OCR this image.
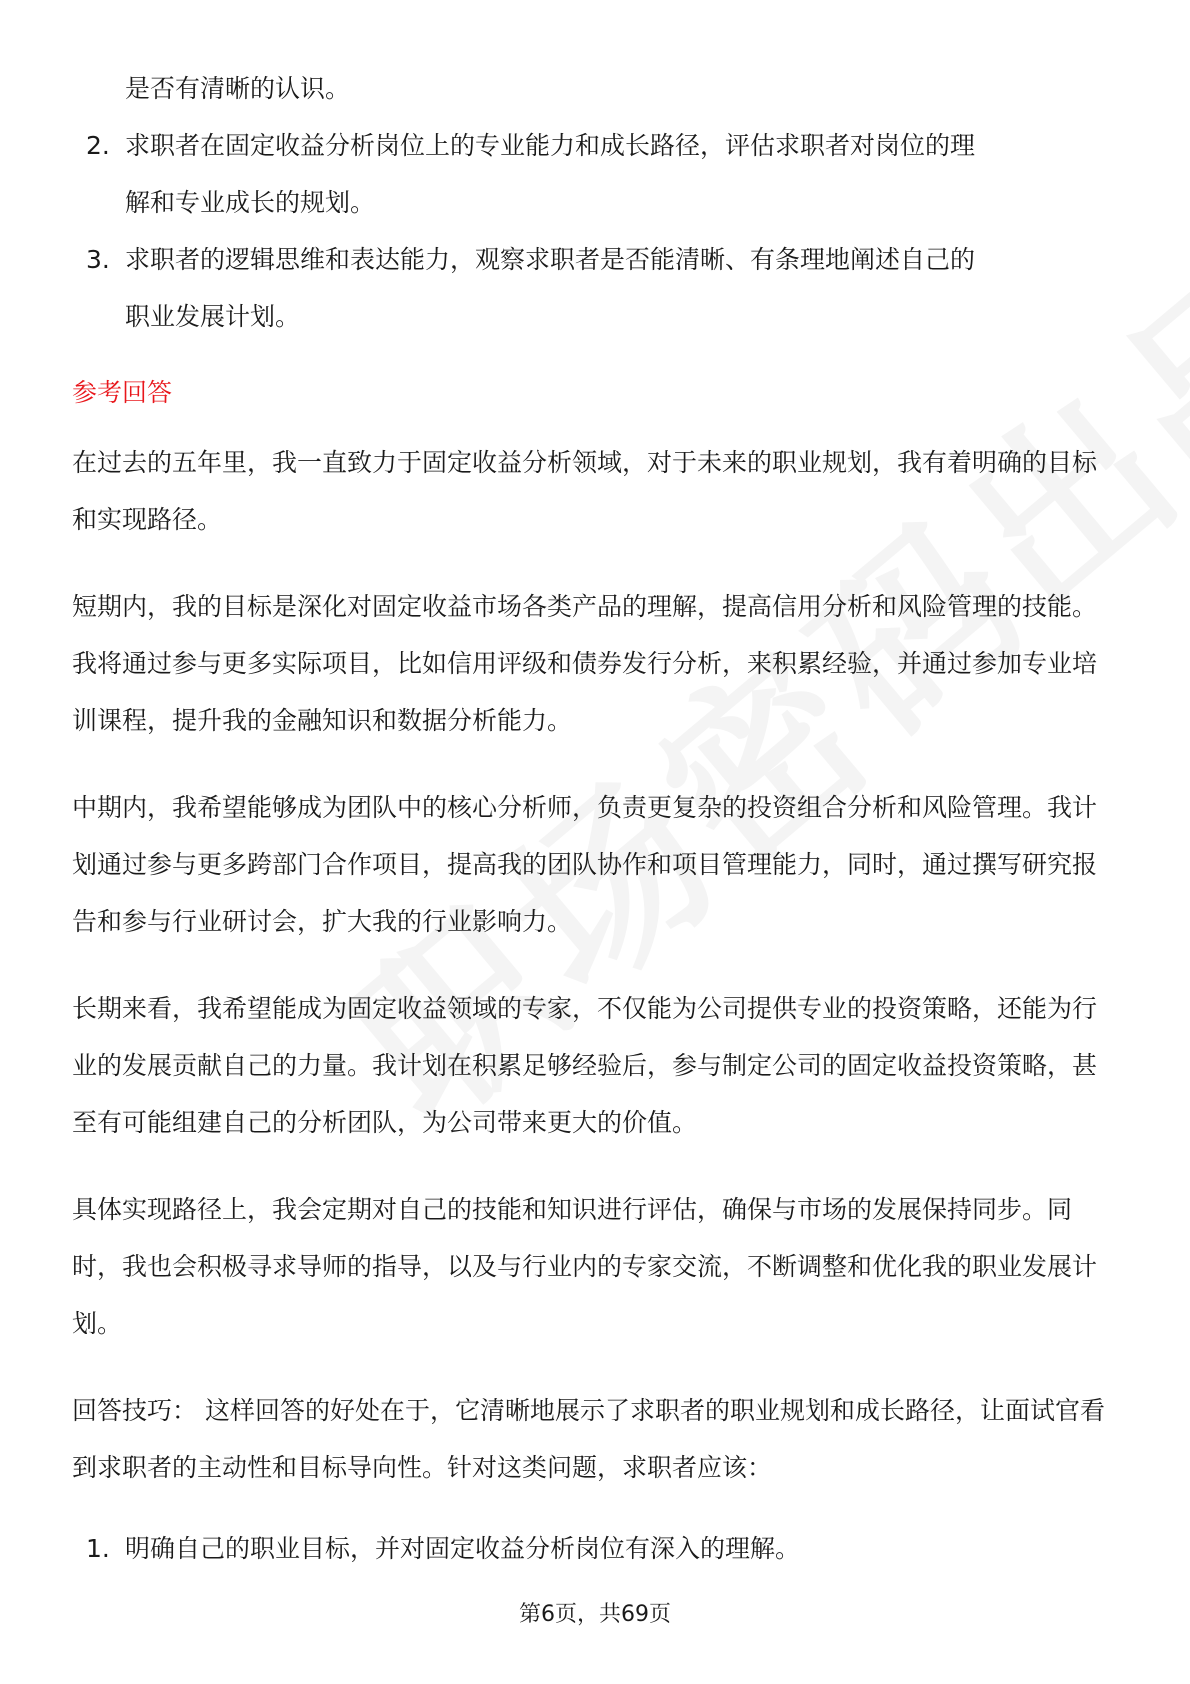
是否有清晰的认识。
2. 求职者在固定收益分析岗位上的专业能力和成长路径，评估求职者对岗位的理
解和专业成长的规划。
3. 求职者的逻辑思维和表达能力，观察求职者是否能清晰、有条理地阐述自己的
职业发展计划。
参考回答

在过去的五年里，我一直致力于固定收益分析领域，对于未来的职业规划，我有着明确的目标和实现路径。

短期内，我的目标是深化对固定收益市场各类产品的理解，提高信用分析和风险管理的技能。我将通过参与更多实际项目，比如信用评级和债券发行分析，来积累经验，并通过参加专业培训课程，提升我的金融知识和数据分析能力。

中期内，我希望能够成为团队中的核心分析师，负责更复杂的投资组合分析和风险管理。我计划通过参与更多跨部门合作项目，提高我的团队协作和项目管理能力，同时，通过撰写研究报告和参与行业研讨会，扩大我的行业影响力。

长期来看，我希望能成为固定收益领域的专家，不仅能为公司提供专业的投资策略，还能为行业的发展贡献自己的力量。我计划在积累足够经验后，参与制定公司的固定收益投资策略，甚至有可能组建自己的分析团队，为公司带来更大的价值。

具体实现路径上，我会定期对自己的技能和知识进行评估，确保与市场的发展保持同步。同时，我也会积极寻求导师的指导，以及与行业内的专家交流，不断调整和优化我的职业发展计划。

回答技巧： 这样回答的好处在于，它清晰地展示了求职者的职业规划和成长路径，让面试官看到求职者的主动性和目标导向性。针对这类问题，求职者应该：

1. 明确自己的职业目标，并对固定收益分析岗位有深入的理解。
第6页，共69页
